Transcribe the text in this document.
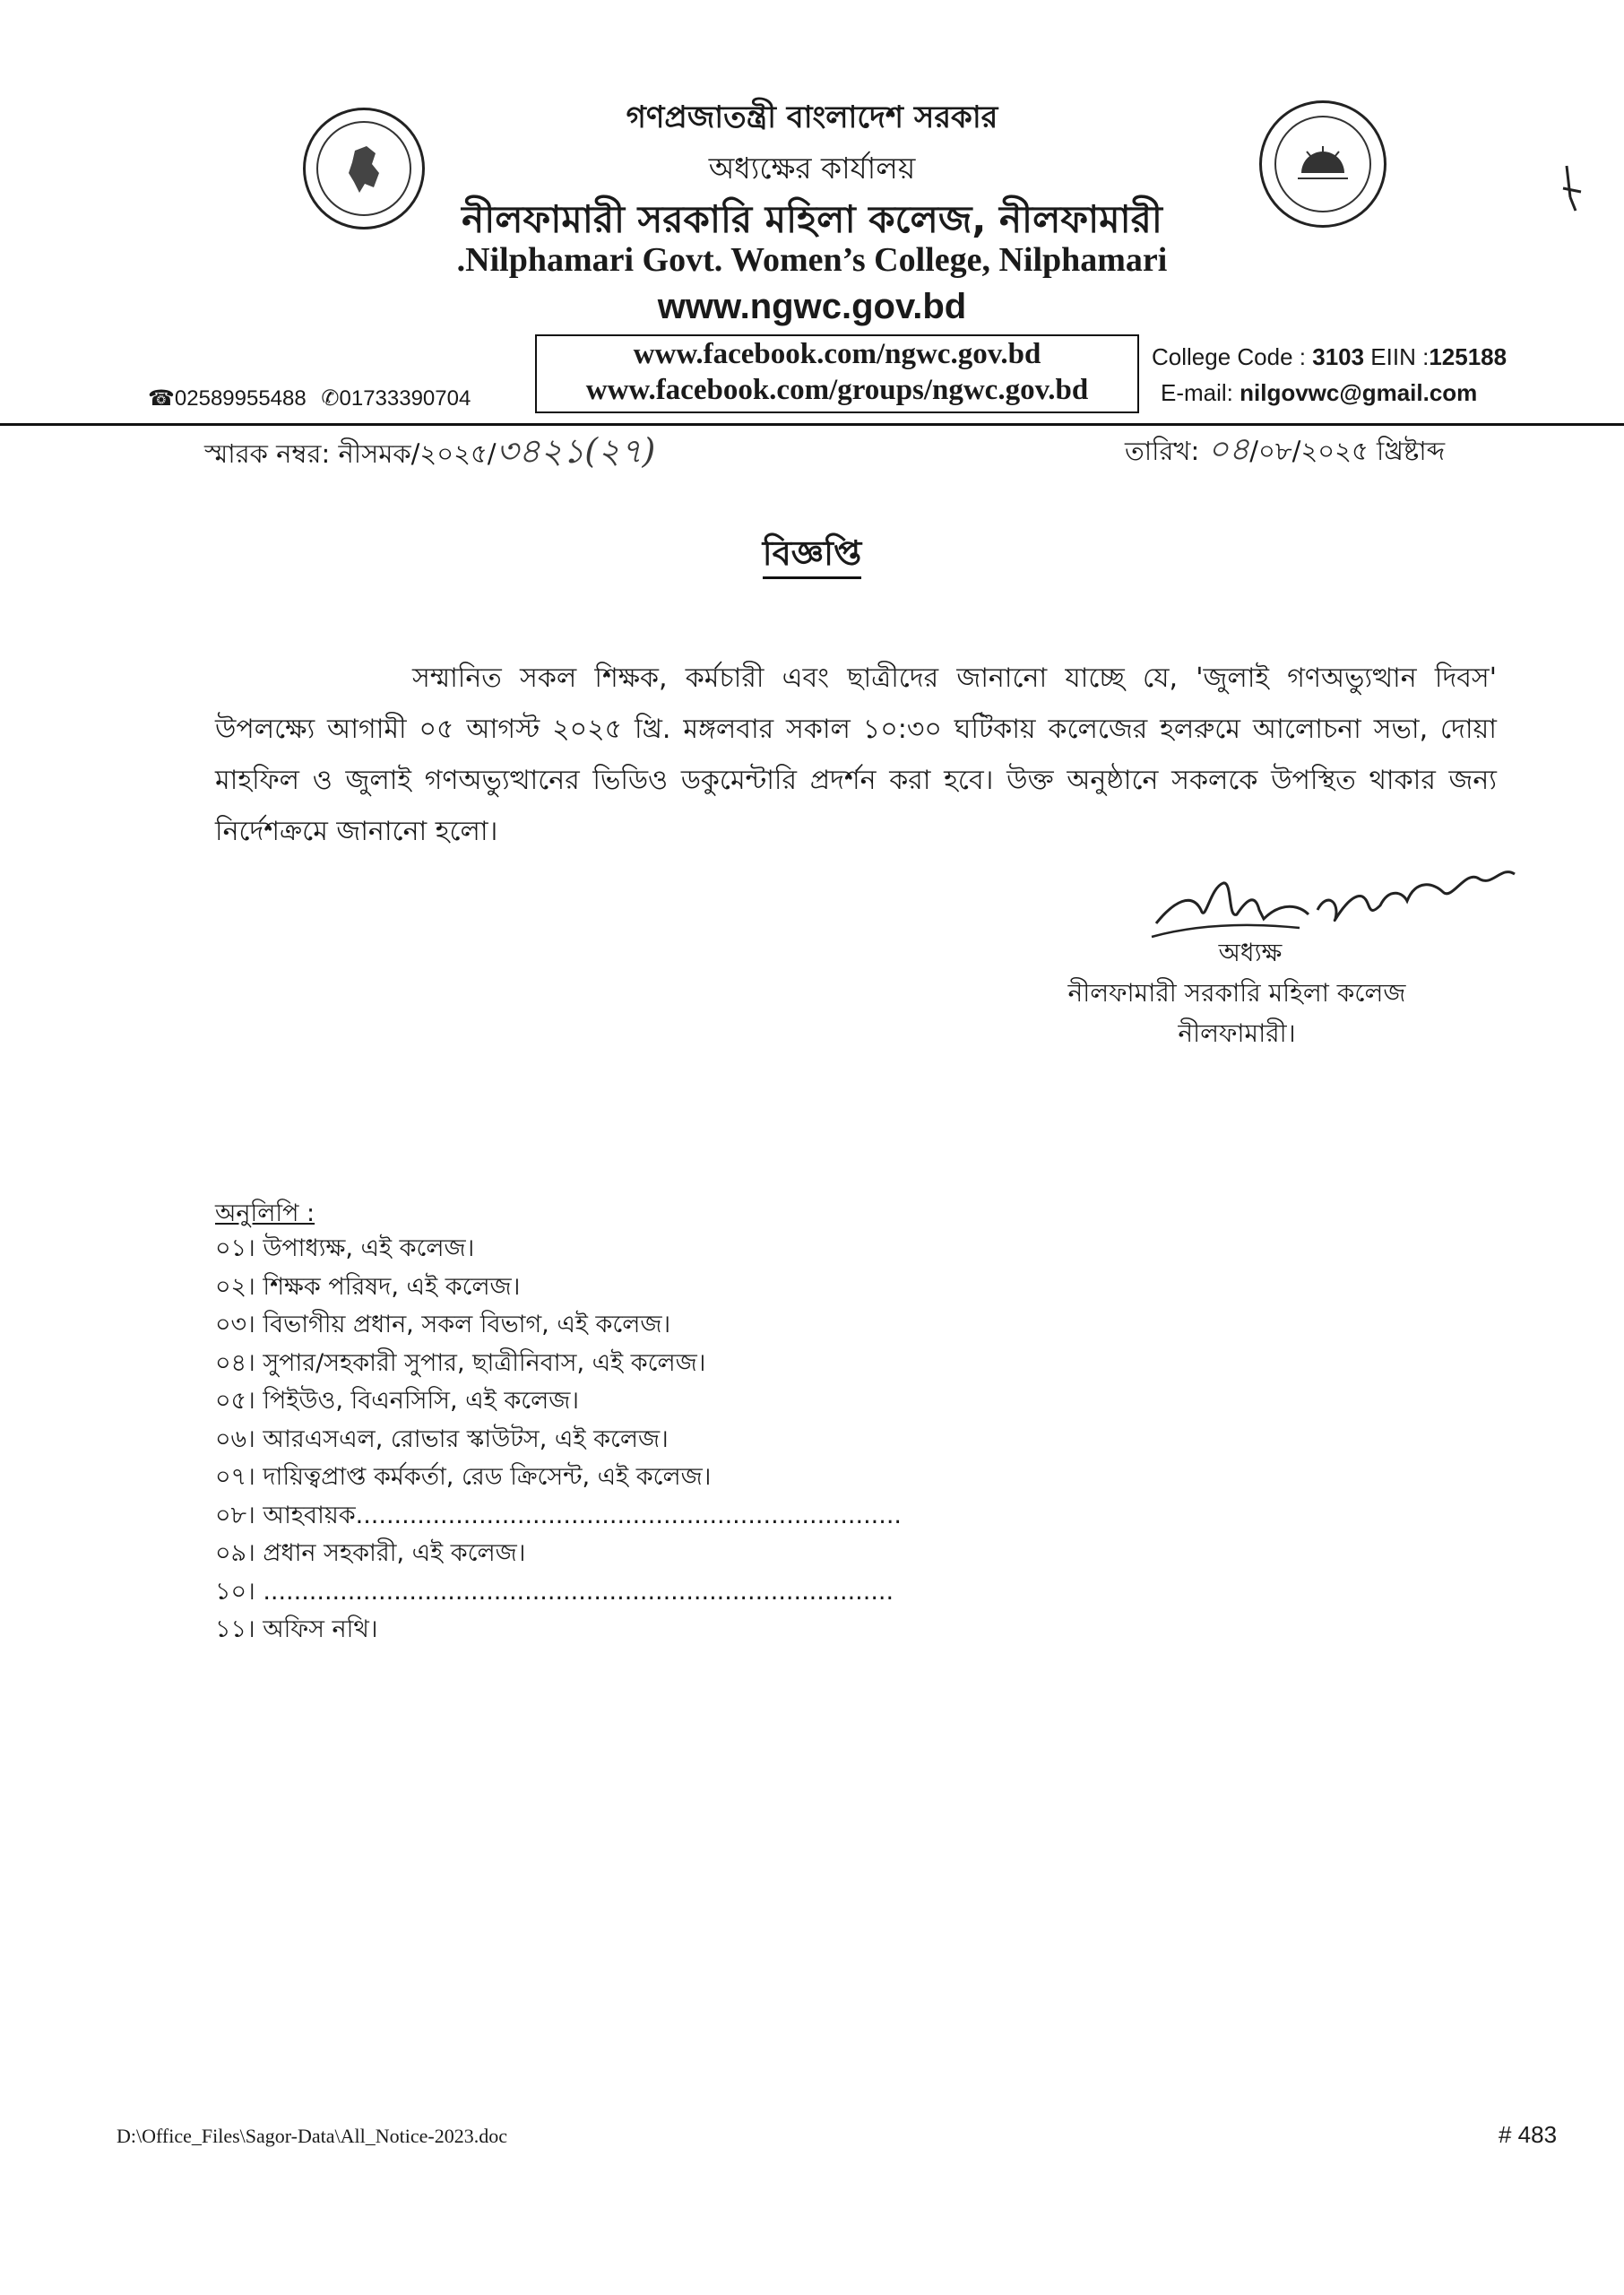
গণপ্রজাতন্ত্রী বাংলাদেশ সরকার
অধ্যক্ষের কার্যালয়
নীলফামারী সরকারি মহিলা কলেজ, নীলফামারী
.Nilphamari Govt. Women’s College, Nilphamari
www.ngwc.gov.bd
www.facebook.com/ngwc.gov.bd
www.facebook.com/groups/ngwc.gov.bd
☎02589955488 ✆01733390704
College Code : 3103 EIIN :125188
E-mail: nilgovwc@gmail.com
স্মারক নম্বর: নীসমক/২০২৫/৩৪২১(২৭)	তারিখ: ০৪/০৮/২০২৫ খ্রিষ্টাব্দ
বিজ্ঞপ্তি
সম্মানিত সকল শিক্ষক, কর্মচারী এবং ছাত্রীদের জানানো যাচ্ছে যে, 'জুলাই গণঅভ্যুত্থান দিবস' উপলক্ষ্যে আগামী ০৫ আগস্ট ২০২৫ খ্রি. মঙ্গলবার সকাল ১০:৩০ ঘটিকায় কলেজের হলরুমে আলোচনা সভা, দোয়া মাহফিল ও জুলাই গণঅভ্যুত্থানের ভিডিও ডকুমেন্টারি প্রদর্শন করা হবে। উক্ত অনুষ্ঠানে সকলকে উপস্থিত থাকার জন্য নির্দেশক্রমে জানানো হলো।
অধ্যক্ষ
নীলফামারী সরকারি মহিলা কলেজ
নীলফামারী।
অনুলিপি :
০১। উপাধ্যক্ষ, এই কলেজ।
০২। শিক্ষক পরিষদ, এই কলেজ।
০৩। বিভাগীয় প্রধান, সকল বিভাগ, এই কলেজ।
০৪। সুপার/সহকারী সুপার, ছাত্রীনিবাস, এই কলেজ।
০৫। পিইউও, বিএনসিসি, এই কলেজ।
০৬। আরএসএল, রোভার স্কাউটস, এই কলেজ।
০৭। দায়িত্বপ্রাপ্ত কর্মকর্তা, রেড ক্রিসেন্ট, এই কলেজ।
০৮। আহবায়ক.......................................................................
০৯। প্রধান সহকারী, এই কলেজ।
১০। ..................................................................................
১১। অফিস নথি।
D:\Office_Files\Sagor-Data\All_Notice-2023.doc	# 483
